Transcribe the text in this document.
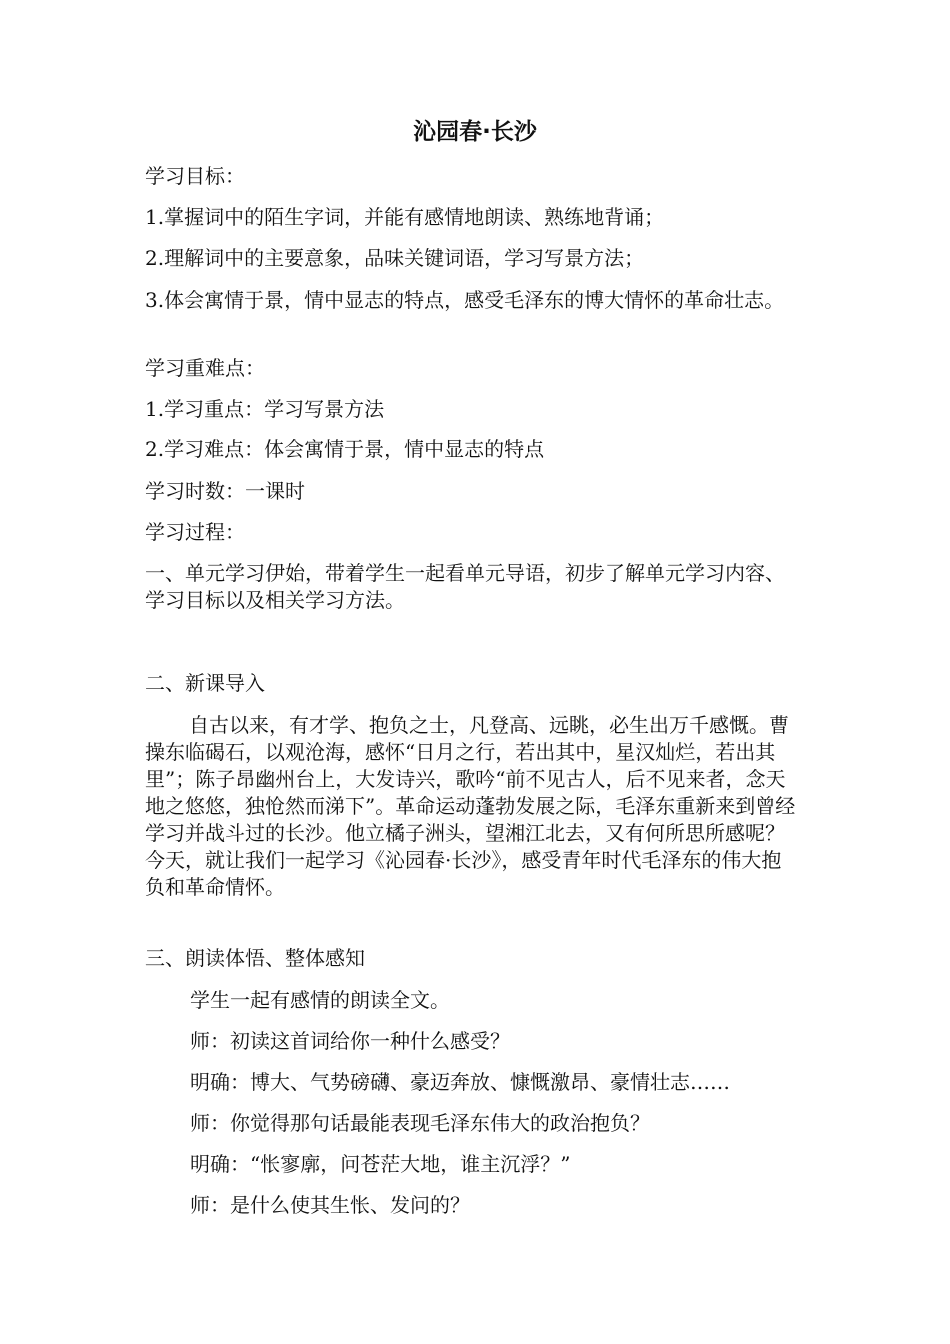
沁园春·长沙
学习目标：
1.掌握词中的陌生字词，并能有感情地朗读、熟练地背诵；
2.理解词中的主要意象，品味关键词语，学习写景方法；
3.体会寓情于景，情中显志的特点，感受毛泽东的博大情怀的革命壮志。
学习重难点：
1.学习重点：学习写景方法
2.学习难点：体会寓情于景，情中显志的特点
学习时数：一课时
学习过程：
一、单元学习伊始，带着学生一起看单元导语，初步了解单元学习内容、学习目标以及相关学习方法。
二、新课导入
自古以来，有才学、抱负之士，凡登高、远眺，必生出万千感慨。曹操东临碣石，以观沧海，感怀“日月之行，若出其中，星汉灿烂，若出其里”；陈子昂幽州台上，大发诗兴，歌吟“前不见古人，后不见来者，念天地之悠悠，独怆然而涕下”。革命运动蓬勃发展之际，毛泽东重新来到曾经学习并战斗过的长沙。他立橘子洲头，望湘江北去，又有何所思所感呢？今天，就让我们一起学习《沁园春·长沙》，感受青年时代毛泽东的伟大抱负和革命情怀。
三、朗读体悟、整体感知
学生一起有感情的朗读全文。
师：初读这首词给你一种什么感受？
明确：博大、气势磅礴、豪迈奔放、慷慨激昂、豪情壮志……
师：你觉得那句话最能表现毛泽东伟大的政治抱负？
明确：“怅寥廓，问苍茫大地，谁主沉浮？”
师：是什么使其生怅、发问的？
